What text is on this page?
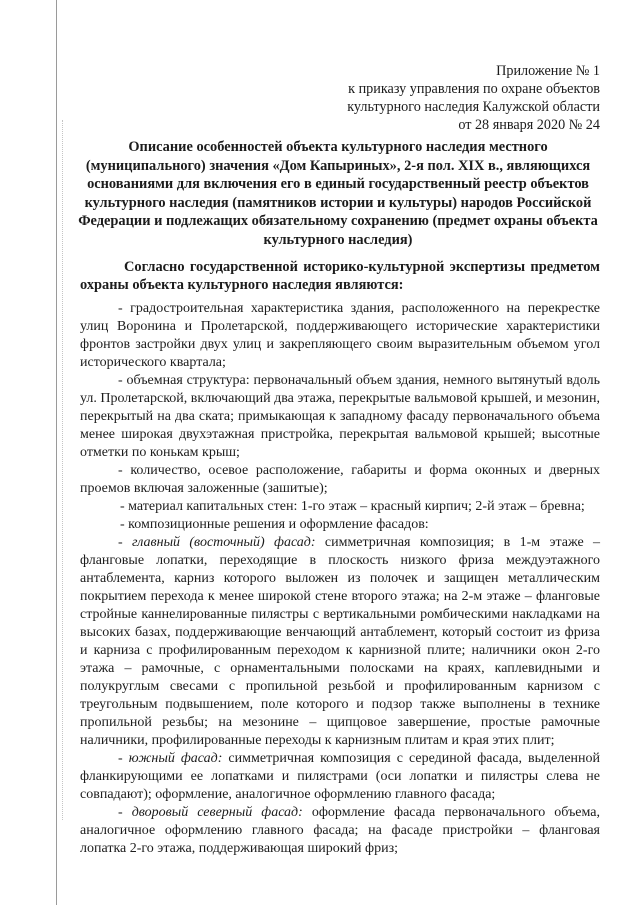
Приложение № 1
к приказу управления по охране объектов
культурного наследия Калужской области
от 28 января 2020 № 24
Описание особенностей объекта культурного наследия местного (муниципального) значения «Дом Капыриных», 2-я пол. XIX в., являющихся основаниями для включения его в единый государственный реестр объектов культурного наследия (памятников истории и культуры) народов Российской Федерации и подлежащих обязательному сохранению (предмет охраны объекта культурного наследия)
Согласно государственной историко-культурной экспертизы предметом охраны объекта культурного наследия являются:

- градостроительная характеристика здания, расположенного на перекрестке улиц Воронина и Пролетарской, поддерживающего исторические характеристики фронтов застройки двух улиц и закрепляющего своим выразительным объемом угол исторического квартала;

- объемная структура: первоначальный объем здания, немного вытянутый вдоль ул. Пролетарской, включающий два этажа, перекрытые вальмовой крышей, и мезонин, перекрытый на два ската; примыкающая к западному фасаду первоначального объема менее широкая двухэтажная пристройка, перекрытая вальмовой крышей; высотные отметки по конькам крыш;

- количество, осевое расположение, габариты и форма оконных и дверных проемов включая заложенные (зашитые);

- материал капитальных стен: 1-го этаж – красный кирпич; 2-й этаж – бревна;

- композиционные решения и оформление фасадов:

- главный (восточный) фасад: симметричная композиция; в 1-м этаже – фланговые лопатки, переходящие в плоскость низкого фриза междуэтажного антаблемента, карниз которого выложен из полочек и защищен металлическим покрытием перехода к менее широкой стене второго этажа; на 2-м этаже – фланговые стройные каннелированные пилястры с вертикальными ромбическими накладками на высоких базах, поддерживающие венчающий антаблемент, который состоит из фриза и карниза с профилированным переходом к карнизной плите; наличники окон 2-го этажа – рамочные, с орнаментальными полосками на краях, каплевидными и полукруглым свесами с пропильной резьбой и профилированным карнизом с треугольным подвышением, поле которого и подзор также выполнены в технике пропильной резьбы; на мезонине – щипцовое завершение, простые рамочные наличники, профилированные переходы к карнизным плитам и края этих плит;

- южный фасад: симметричная композиция с серединой фасада, выделенной фланкирующими ее лопатками и пилястрами (оси лопатки и пилястры слева не совпадают); оформление, аналогичное оформлению главного фасада;

- дворовый северный фасад: оформление фасада первоначального объема, аналогичное оформлению главного фасада; на фасаде пристройки – фланговая лопатка 2-го этажа, поддерживающая широкий фриз;
